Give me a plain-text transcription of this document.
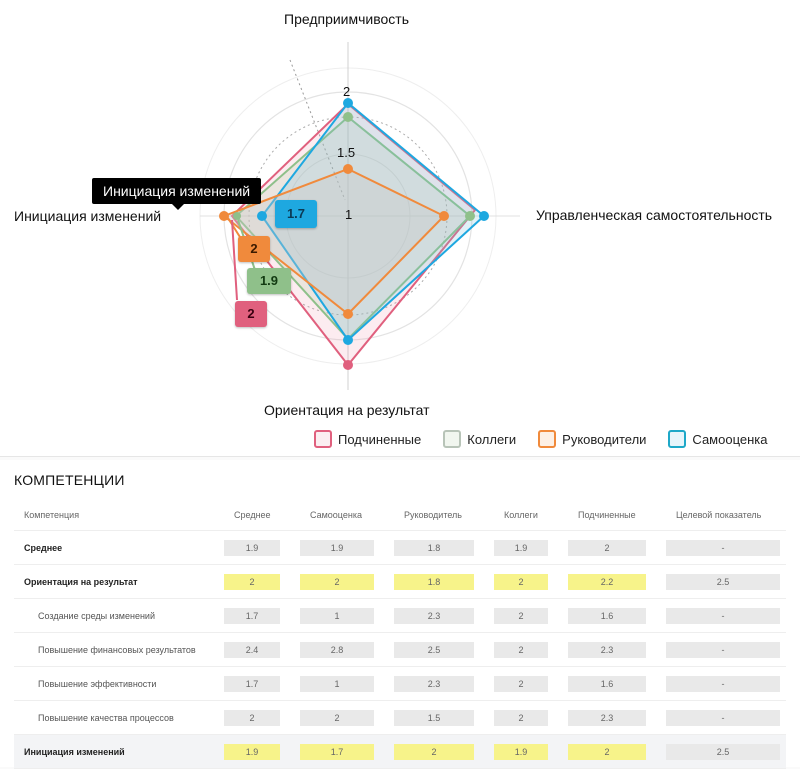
Предприимчивость
Управленческая самостоятельность
Ориентация на результат
Инициация изменений
2
1.5
1
Инициация изменений
1.7
2
1.9
2
Подчиненные	Коллеги	Руководители	Самооценка
КОМПЕТЕНЦИИ
Компетенция	Среднее	Самооценка	Руководитель	Коллеги	Подчиненные	Целевой показатель
Среднее	1.9	1.9	1.8	1.9	2	-

Ориентация на результат	2	2	1.8	2	2.2	2.5

Создание среды изменений	1.7	1	2.3	2	1.6	-

Повышение финансовых результатов	2.4	2.8	2.5	2	2.3	-

Повышение эффективности	1.7	1	2.3	2	1.6	-

Повышение качества процессов	2	2	1.5	2	2.3	-

Инициация изменений	1.9	1.7	2	1.9	2	2.5
